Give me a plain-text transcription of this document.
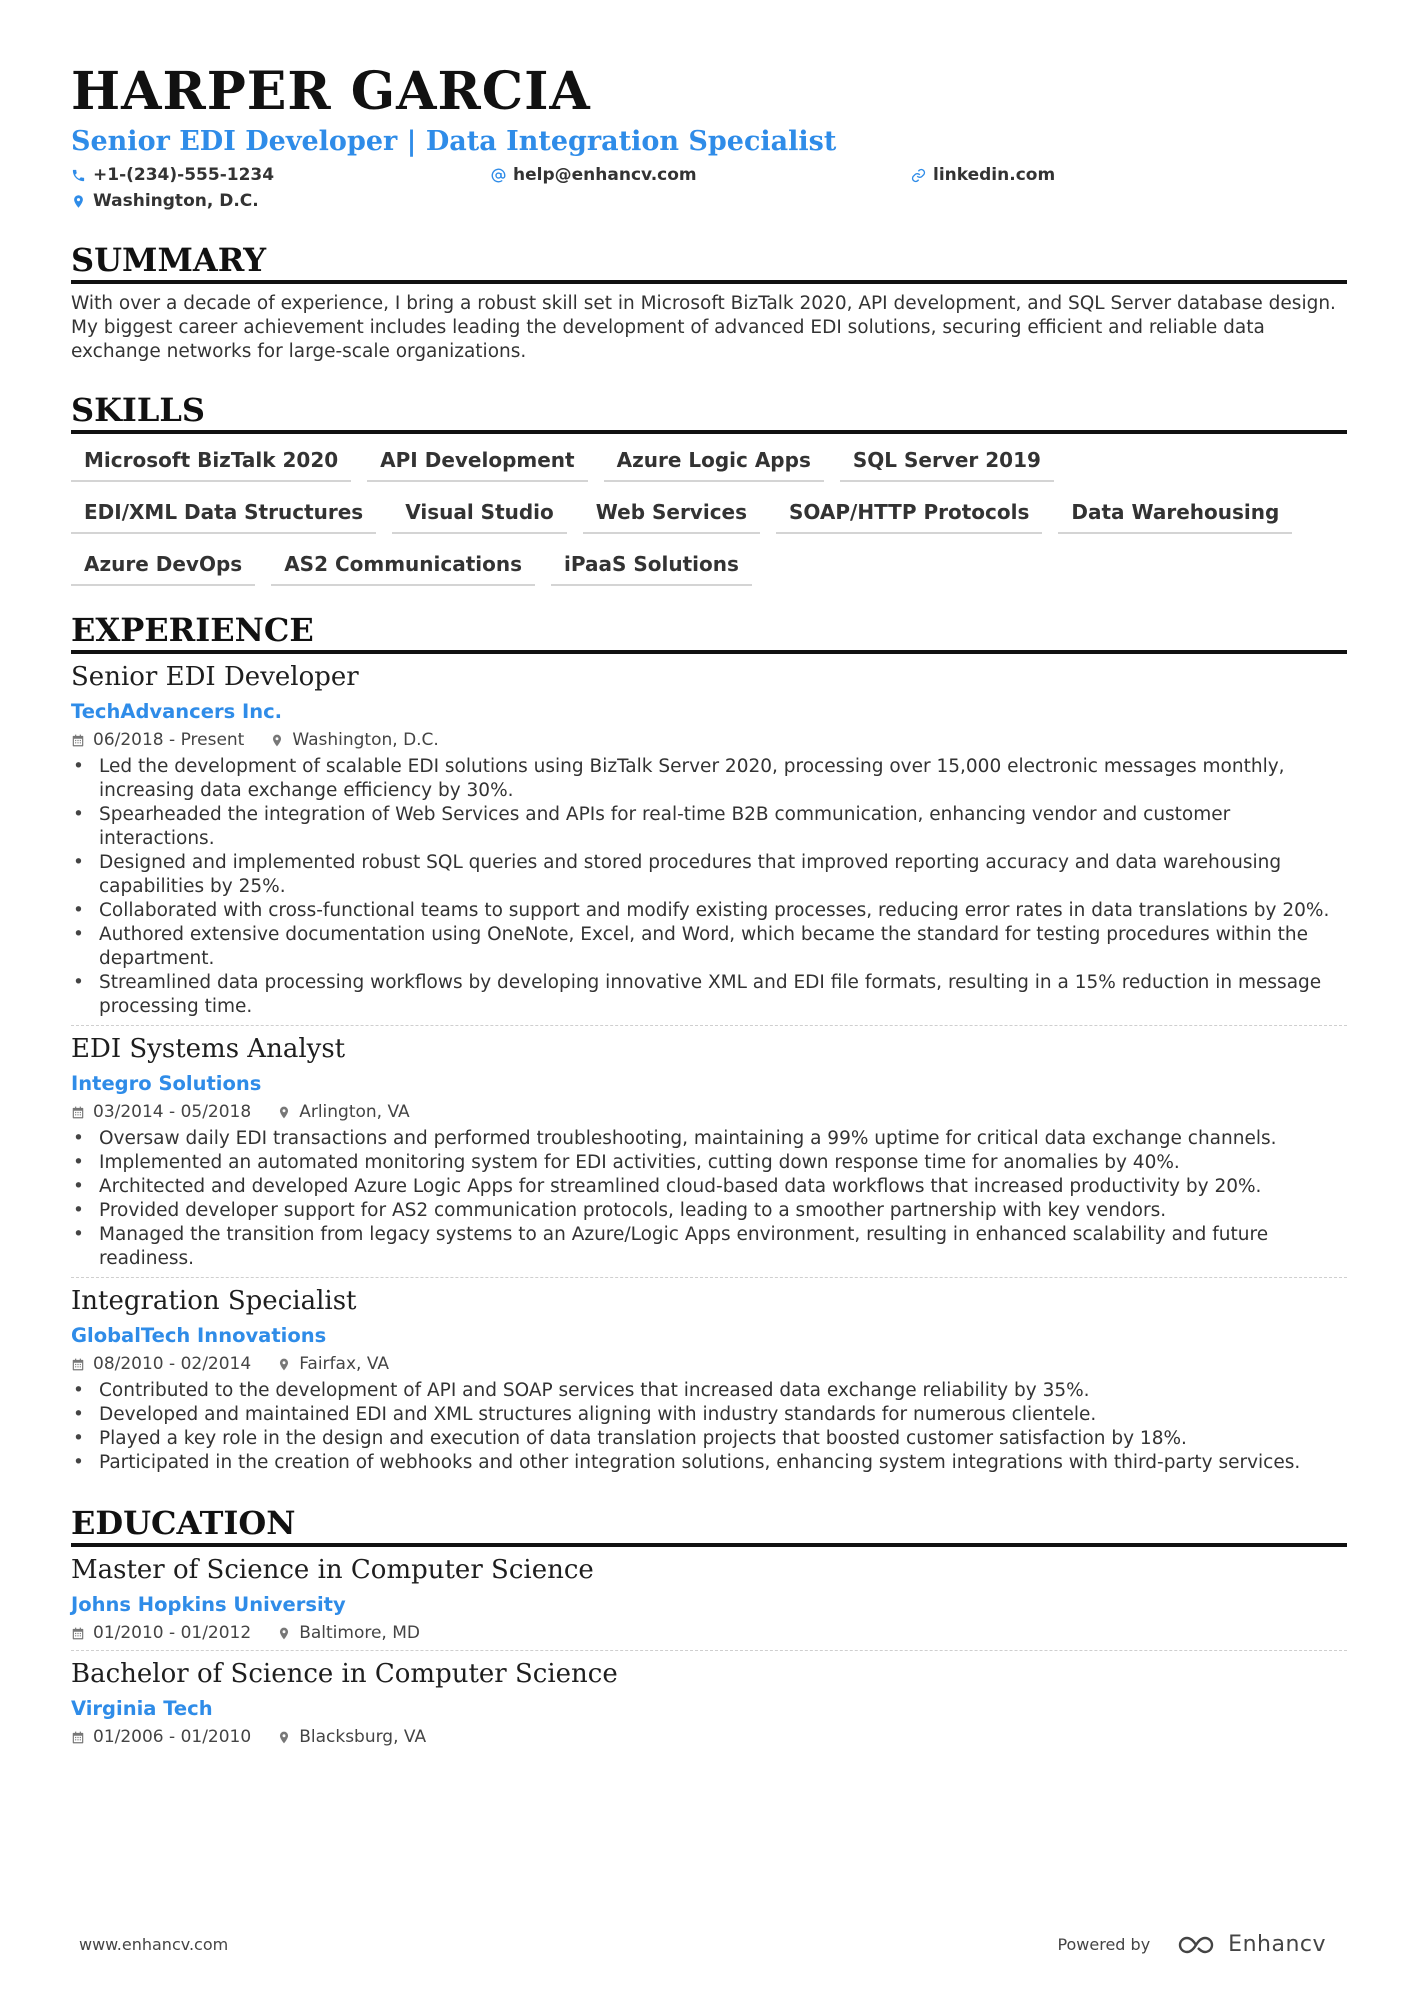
HARPER GARCIA
Senior EDI Developer | Data Integration Specialist
+1-(234)-555-1234	help@enhancv.com	linkedin.com
Washington, D.C.
SUMMARY
With over a decade of experience, I bring a robust skill set in Microsoft BizTalk 2020, API development, and SQL Server database design. My biggest career achievement includes leading the development of advanced EDI solutions, securing efficient and reliable data exchange networks for large-scale organizations.
SKILLS
Microsoft BizTalk 2020	API Development	Azure Logic Apps	SQL Server 2019
EDI/XML Data Structures	Visual Studio	Web Services	SOAP/HTTP Protocols	Data Warehousing
Azure DevOps	AS2 Communications	iPaaS Solutions
EXPERIENCE
Senior EDI Developer
TechAdvancers Inc.
06/2018 - Present	Washington, D.C.
• Led the development of scalable EDI solutions using BizTalk Server 2020, processing over 15,000 electronic messages monthly, increasing data exchange efficiency by 30%.
• Spearheaded the integration of Web Services and APIs for real-time B2B communication, enhancing vendor and customer interactions.
• Designed and implemented robust SQL queries and stored procedures that improved reporting accuracy and data warehousing capabilities by 25%.
• Collaborated with cross-functional teams to support and modify existing processes, reducing error rates in data translations by 20%.
• Authored extensive documentation using OneNote, Excel, and Word, which became the standard for testing procedures within the department.
• Streamlined data processing workflows by developing innovative XML and EDI file formats, resulting in a 15% reduction in message processing time.
EDI Systems Analyst
Integro Solutions
03/2014 - 05/2018	Arlington, VA
• Oversaw daily EDI transactions and performed troubleshooting, maintaining a 99% uptime for critical data exchange channels.
• Implemented an automated monitoring system for EDI activities, cutting down response time for anomalies by 40%.
• Architected and developed Azure Logic Apps for streamlined cloud-based data workflows that increased productivity by 20%.
• Provided developer support for AS2 communication protocols, leading to a smoother partnership with key vendors.
• Managed the transition from legacy systems to an Azure/Logic Apps environment, resulting in enhanced scalability and future readiness.
Integration Specialist
GlobalTech Innovations
08/2010 - 02/2014	Fairfax, VA
• Contributed to the development of API and SOAP services that increased data exchange reliability by 35%.
• Developed and maintained EDI and XML structures aligning with industry standards for numerous clientele.
• Played a key role in the design and execution of data translation projects that boosted customer satisfaction by 18%.
• Participated in the creation of webhooks and other integration solutions, enhancing system integrations with third-party services.
EDUCATION
Master of Science in Computer Science
Johns Hopkins University
01/2010 - 01/2012	Baltimore, MD
Bachelor of Science in Computer Science
Virginia Tech
01/2006 - 01/2010	Blacksburg, VA
www.enhancv.com	Powered by	Enhancv
